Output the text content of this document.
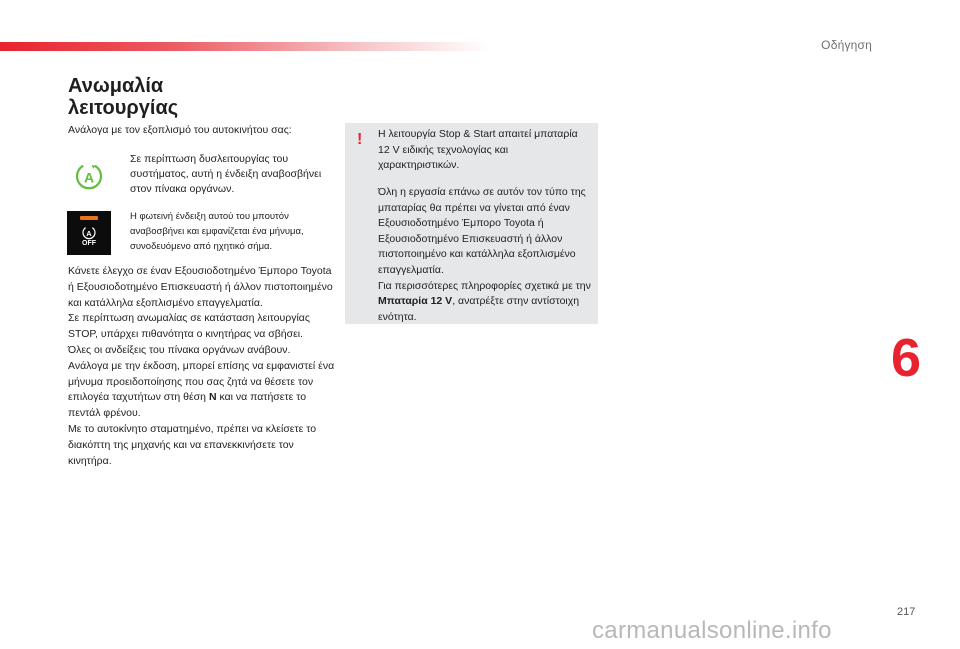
Οδήγηση
Ανωμαλία
λειτουργίας
Ανάλογα με τον εξοπλισμό του αυτοκινήτου σας:
A
Σε περίπτωση δυσλειτουργίας του συστήματος, αυτή η ένδειξη αναβοσβήνει στον πίνακα οργάνων.
A
OFF
Η φωτεινή ένδειξη αυτού του μπουτόν αναβοσβήνει και εμφανίζεται ένα μήνυμα, συνοδευόμενο από ηχητικό σήμα.

Κάνετε έλεγχο σε έναν Εξουσιοδοτημένο Έμπορο Toyota ή Εξουσιοδοτημένο Επισκευαστή ή άλλον πιστοποιημένο και κατάλληλα εξοπλισμένο επαγγελματία.

Σε περίπτωση ανωμαλίας σε κατάσταση λειτουργίας STOP, υπάρχει πιθανότητα ο κινητήρας να σβήσει.

Όλες οι ανδείξεις του πίνακα οργάνων ανάβουν.

Ανάλογα με την έκδοση, μπορεί επίσης να εμφανιστεί ένα μήνυμα προειδοποίησης που σας ζητά να θέσετε τον επιλογέα ταχυτήτων στη θέση N και να πατήσετε το πεντάλ φρένου.

Με το αυτοκίνητο σταματημένο, πρέπει να κλείσετε το διακόπτη της μηχανής και να επανεκκινήσετε τον κινητήρα.

! Η λειτουργία Stop & Start απαιτεί μπαταρία 12 V ειδικής τεχνολογίας και χαρακτηριστικών.

Όλη η εργασία επάνω σε αυτόν τον τύπο της μπαταρίας θα πρέπει να γίνεται από έναν Εξουσιοδοτημένο Έμπορο Toyota ή Εξουσιοδοτημένο Επισκευαστή ή άλλον πιστοποιημένο και κατάλληλα εξοπλισμένο επαγγελματία.
Για περισσότερες πληροφορίες σχετικά με την Μπαταρία 12 V, ανατρέξτε στην αντίστοιχη ενότητα.
6
217
carmanualsonline.info
